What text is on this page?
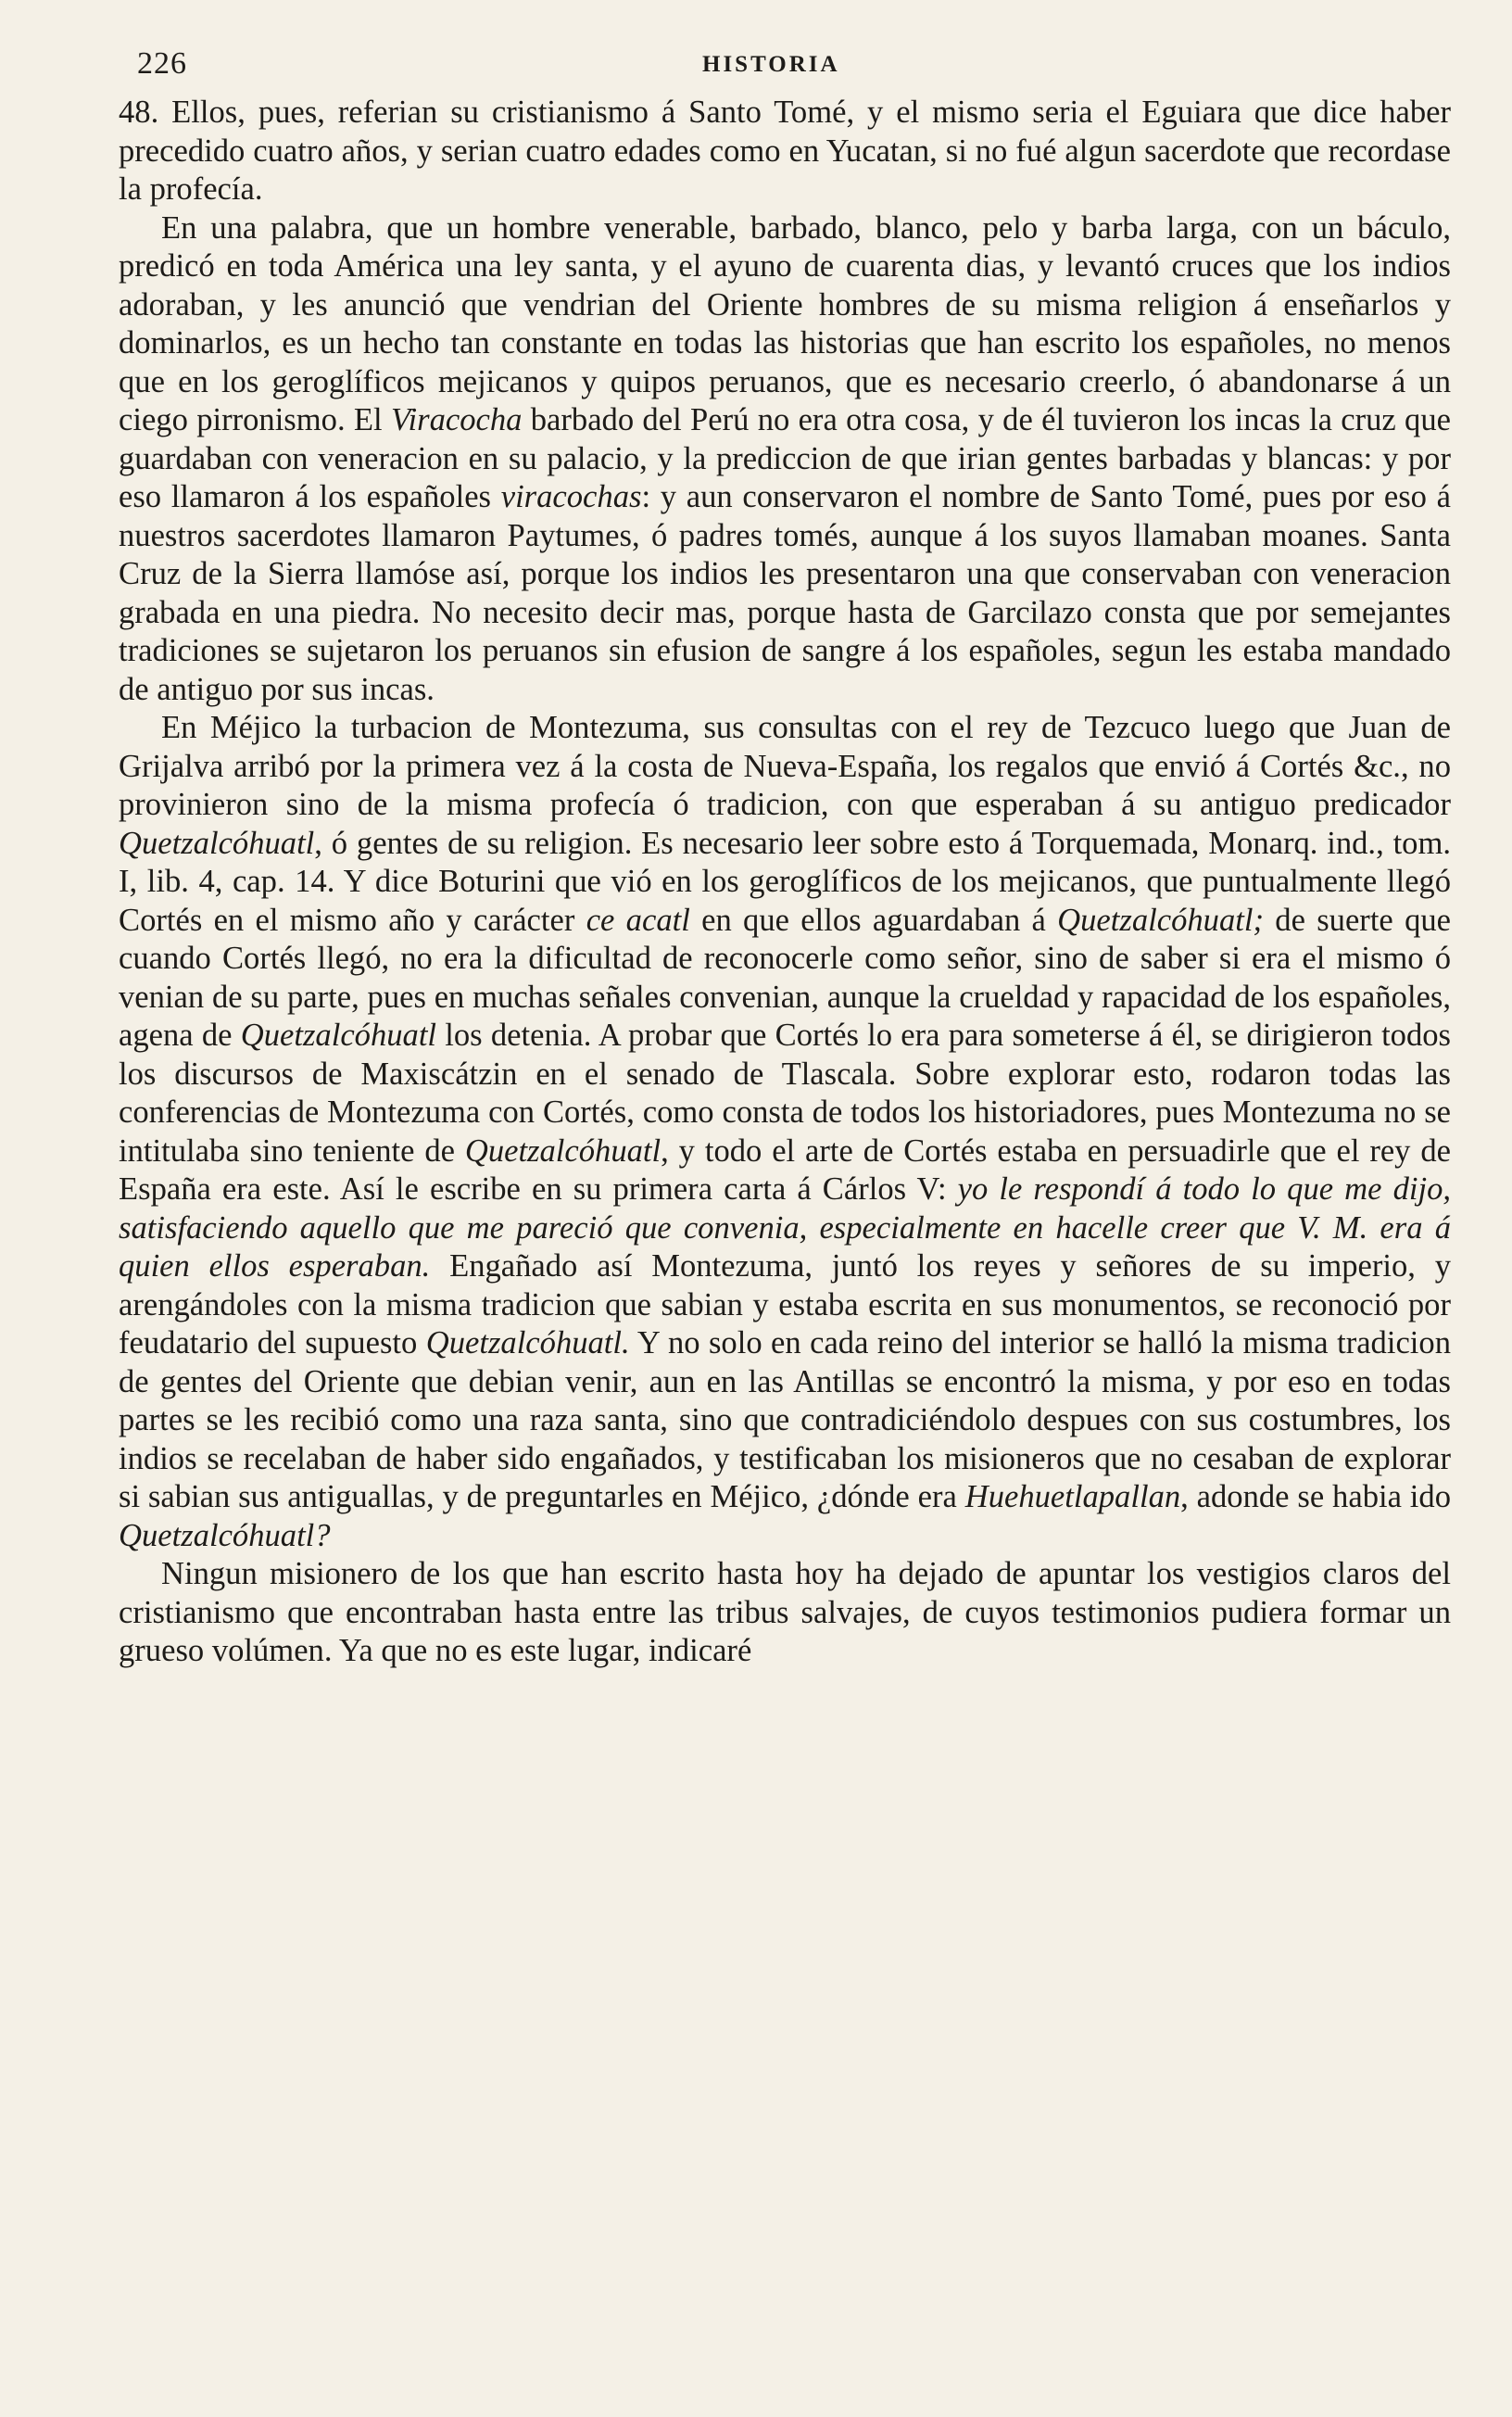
226	HISTORIA

48. Ellos, pues, referian su cristianismo á Santo Tomé, y el mismo seria el Eguiara que dice haber precedido cuatro años, y serian cuatro edades como en Yucatan, si no fué algun sacerdote que recordase la profecía.

En una palabra, que un hombre venerable, barbado, blanco, pelo y barba larga, con un báculo, predicó en toda América una ley santa, y el ayuno de cuarenta dias, y levantó cruces que los indios adoraban, y les anunció que vendrian del Oriente hombres de su misma religion á enseñarlos y dominarlos, es un hecho tan constante en todas las historias que han escrito los españoles, no menos que en los geroglíficos mejicanos y quipos peruanos, que es necesario creerlo, ó abandonarse á un ciego pirronismo. El Viracocha barbado del Perú no era otra cosa, y de él tuvieron los incas la cruz que guardaban con veneracion en su palacio, y la prediccion de que irian gentes barbadas y blancas: y por eso llamaron á los españoles viracochas: y aun conservaron el nombre de Santo Tomé, pues por eso á nuestros sacerdotes llamaron Paytumes, ó padres tomés, aunque á los suyos llamaban moanes. Santa Cruz de la Sierra llamóse así, porque los indios les presentaron una que conservaban con veneracion grabada en una piedra. No necesito decir mas, porque hasta de Garcilazo consta que por semejantes tradiciones se sujetaron los peruanos sin efusion de sangre á los españoles, segun les estaba mandado de antiguo por sus incas.

En Méjico la turbacion de Montezuma, sus consultas con el rey de Tezcuco luego que Juan de Grijalva arribó por la primera vez á la costa de Nueva-España, los regalos que envió á Cortés &c., no provinieron sino de la misma profecía ó tradicion, con que esperaban á su antiguo predicador Quetzalcóhuatl, ó gentes de su religion. Es necesario leer sobre esto á Torquemada, Monarq. ind., tom. I, lib. 4, cap. 14. Y dice Boturini que vió en los geroglíficos de los mejicanos, que puntualmente llegó Cortés en el mismo año y carácter ce acatl en que ellos aguardaban á Quetzalcóhuatl; de suerte que cuando Cortés llegó, no era la dificultad de reconocerle como señor, sino de saber si era el mismo ó venian de su parte, pues en muchas señales convenian, aunque la crueldad y rapacidad de los españoles, agena de Quetzalcóhuatl los detenia. A probar que Cortés lo era para someterse á él, se dirigieron todos los discursos de Maxiscátzin en el senado de Tlascala. Sobre explorar esto, rodaron todas las conferencias de Montezuma con Cortés, como consta de todos los historiadores, pues Montezuma no se intitulaba sino teniente de Quetzalcóhuatl, y todo el arte de Cortés estaba en persuadirle que el rey de España era este. Así le escribe en su primera carta á Cárlos V: yo le respondí á todo lo que me dijo, satisfaciendo aquello que me pareció que convenia, especialmente en hacelle creer que V. M. era á quien ellos esperaban. Engañado así Montezuma, juntó los reyes y señores de su imperio, y arengándoles con la misma tradicion que sabian y estaba escrita en sus monumentos, se reconoció por feudatario del supuesto Quetzalcóhuatl. Y no solo en cada reino del interior se halló la misma tradicion de gentes del Oriente que debian venir, aun en las Antillas se encontró la misma, y por eso en todas partes se les recibió como una raza santa, sino que contradiciéndolo despues con sus costumbres, los indios se recelaban de haber sido engañados, y testificaban los misioneros que no cesaban de explorar si sabian sus antiguallas, y de preguntarles en Méjico, ¿dónde era Huehuetlapallan, adonde se habia ido Quetzalcóhuatl?

Ningun misionero de los que han escrito hasta hoy ha dejado de apuntar los vestigios claros del cristianismo que encontraban hasta entre las tribus salvajes, de cuyos testimonios pudiera formar un grueso volúmen. Ya que no es este lugar, indicaré
